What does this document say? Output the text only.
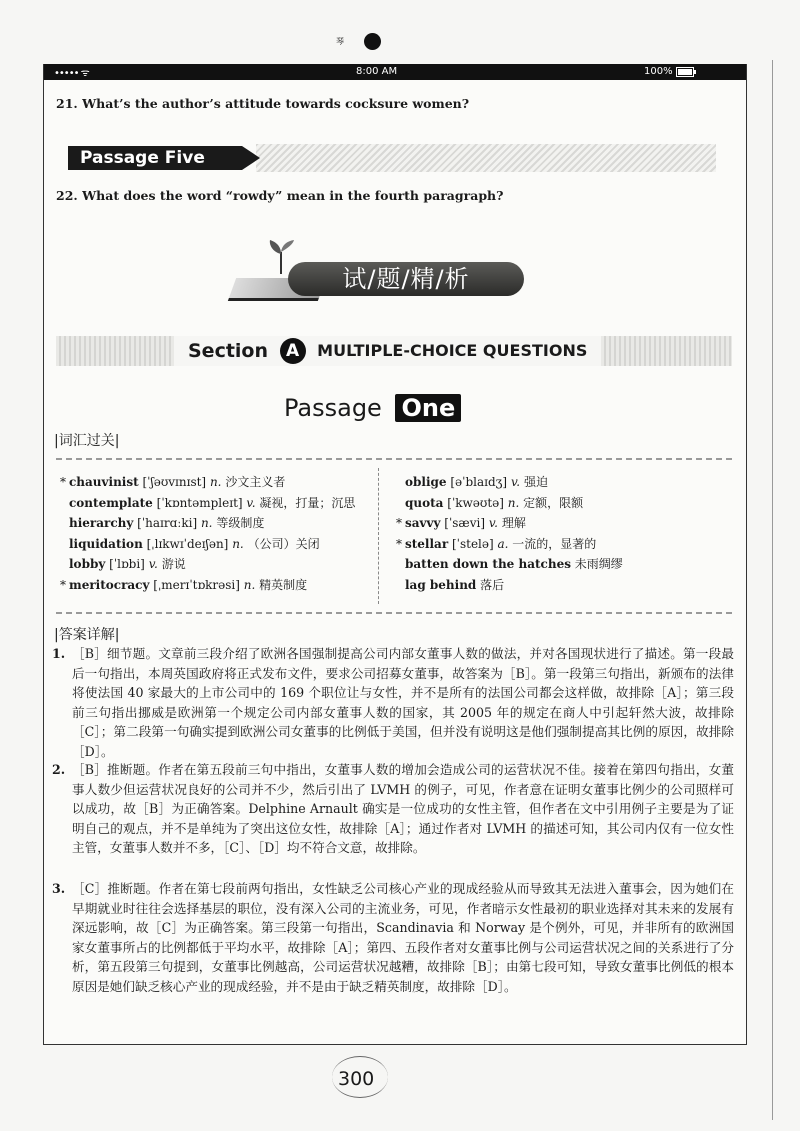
琴
••••• ᯤ	8:00 AM	100%
21. What’s the author’s attitude towards cocksure women?
Passage Five
22. What does the word “rowdy” mean in the fourth paragraph?
试/题/精/析
Section A MULTIPLE-CHOICE QUESTIONS
Passage One
|词汇过关|
* chauvinist [ˈʃəʊvɪnɪst] n. 沙文主义者
contemplate [ˈkɒntəmpleɪt] v. 凝视，打量；沉思
hierarchy [ˈhaɪrɑːki] n. 等级制度
liquidation [ˌlɪkwɪˈdeɪʃən] n. （公司）关闭
lobby [ˈlɒbi] v. 游说
* meritocracy [ˌmerɪˈtɒkrəsi] n. 精英制度
oblige [əˈblaɪdʒ] v. 强迫
quota [ˈkwəʊtə] n. 定额，限额
* savvy [ˈsævi] v. 理解
* stellar [ˈstelə] a. 一流的，显著的
batten down the hatches 未雨绸缪
lag behind 落后
|答案详解|
1. ［B］细节题。文章前三段介绍了欧洲各国强制提高公司内部女董事人数的做法，并对各国现状进行了描述。第一段最后一句指出，本周英国政府将正式发布文件，要求公司招募女董事，故答案为［B］。第一段第三句指出，新颁布的法律将使法国 40 家最大的上市公司中的 169 个职位让与女性，并不是所有的法国公司都会这样做，故排除［A］；第三段前三句指出挪威是欧洲第一个规定公司内部女董事人数的国家，其 2005 年的规定在商人中引起轩然大波，故排除［C］；第二段第一句确实提到欧洲公司女董事的比例低于美国，但并没有说明这是他们强制提高其比例的原因，故排除［D］。
2. ［B］推断题。作者在第五段前三句中指出，女董事人数的增加会造成公司的运营状况不佳。接着在第四句指出，女董事人数少但运营状况良好的公司并不少，然后引出了 LVMH 的例子，可见，作者意在证明女董事比例少的公司照样可以成功，故［B］为正确答案。Delphine Arnault 确实是一位成功的女性主管，但作者在文中引用例子主要是为了证明自己的观点，并不是单纯为了突出这位女性，故排除［A］；通过作者对 LVMH 的描述可知，其公司内仅有一位女性主管，女董事人数并不多，［C］、［D］均不符合文意，故排除。
3. ［C］推断题。作者在第七段前两句指出，女性缺乏公司核心产业的现成经验从而导致其无法进入董事会，因为她们在早期就业时往往会选择基层的职位，没有深入公司的主流业务，可见，作者暗示女性最初的职业选择对其未来的发展有深远影响，故［C］为正确答案。第三段第一句指出，Scandinavia 和 Norway 是个例外，可见，并非所有的欧洲国家女董事所占的比例都低于平均水平，故排除［A］；第四、五段作者对女董事比例与公司运营状况之间的关系进行了分析，第五段第三句提到，女董事比例越高，公司运营状况越糟，故排除［B］；由第七段可知，导致女董事比例低的根本原因是她们缺乏核心产业的现成经验，并不是由于缺乏精英制度，故排除［D］。
300
